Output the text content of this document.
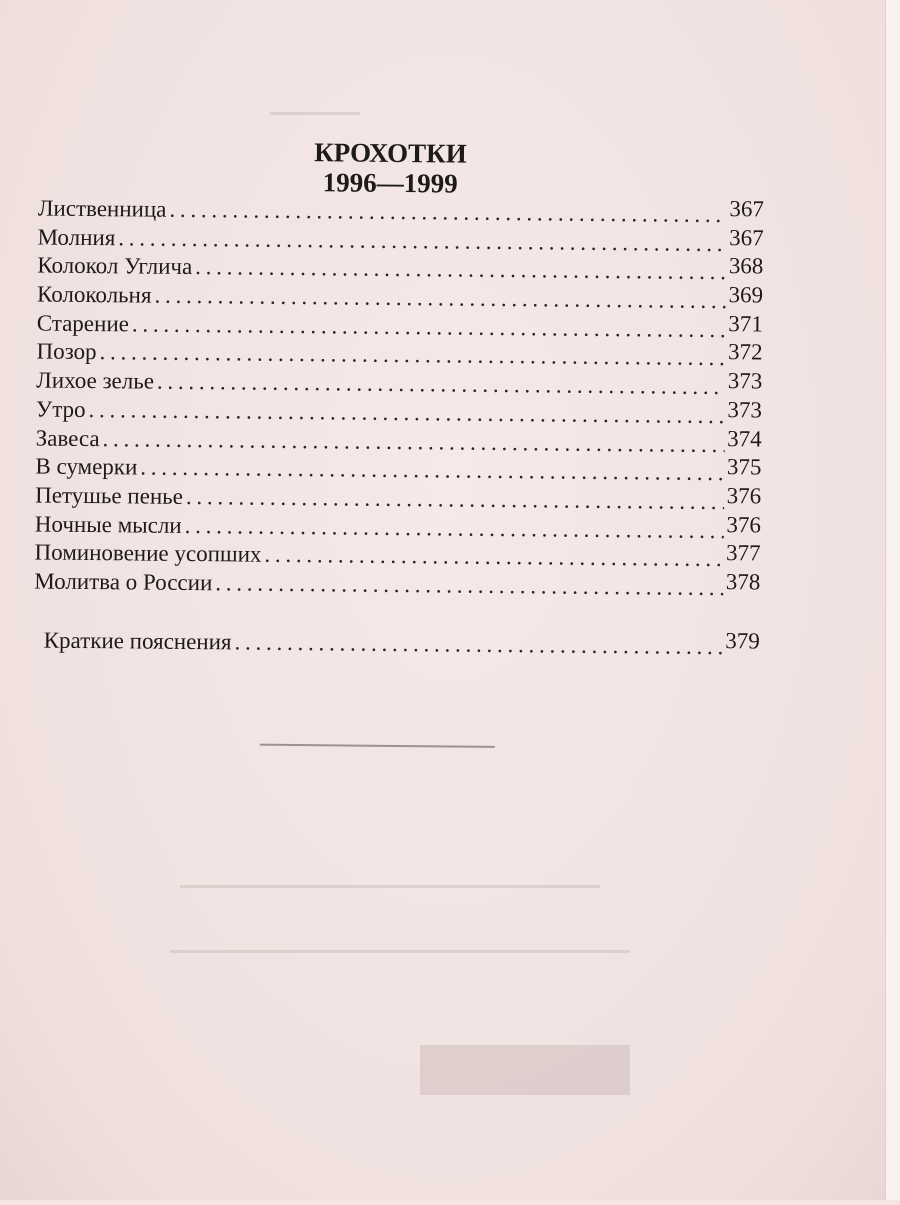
КРОХОТКИ
1996—1999
Лиственница . . .	367
Молния . . .	367
Колокол Углича . . .	368
Колокольня . . .	369
Старение . . .	371
Позор . . .	372
Лихое зелье . . .	373
Утро . . .	373
Завеса . . .	374
В сумерки . . .	375
Петушье пенье . . .	376
Ночные мысли . . .	376
Поминовение усопших . . .	377
Молитва о России . . .	378
Краткие пояснения . . .	379
